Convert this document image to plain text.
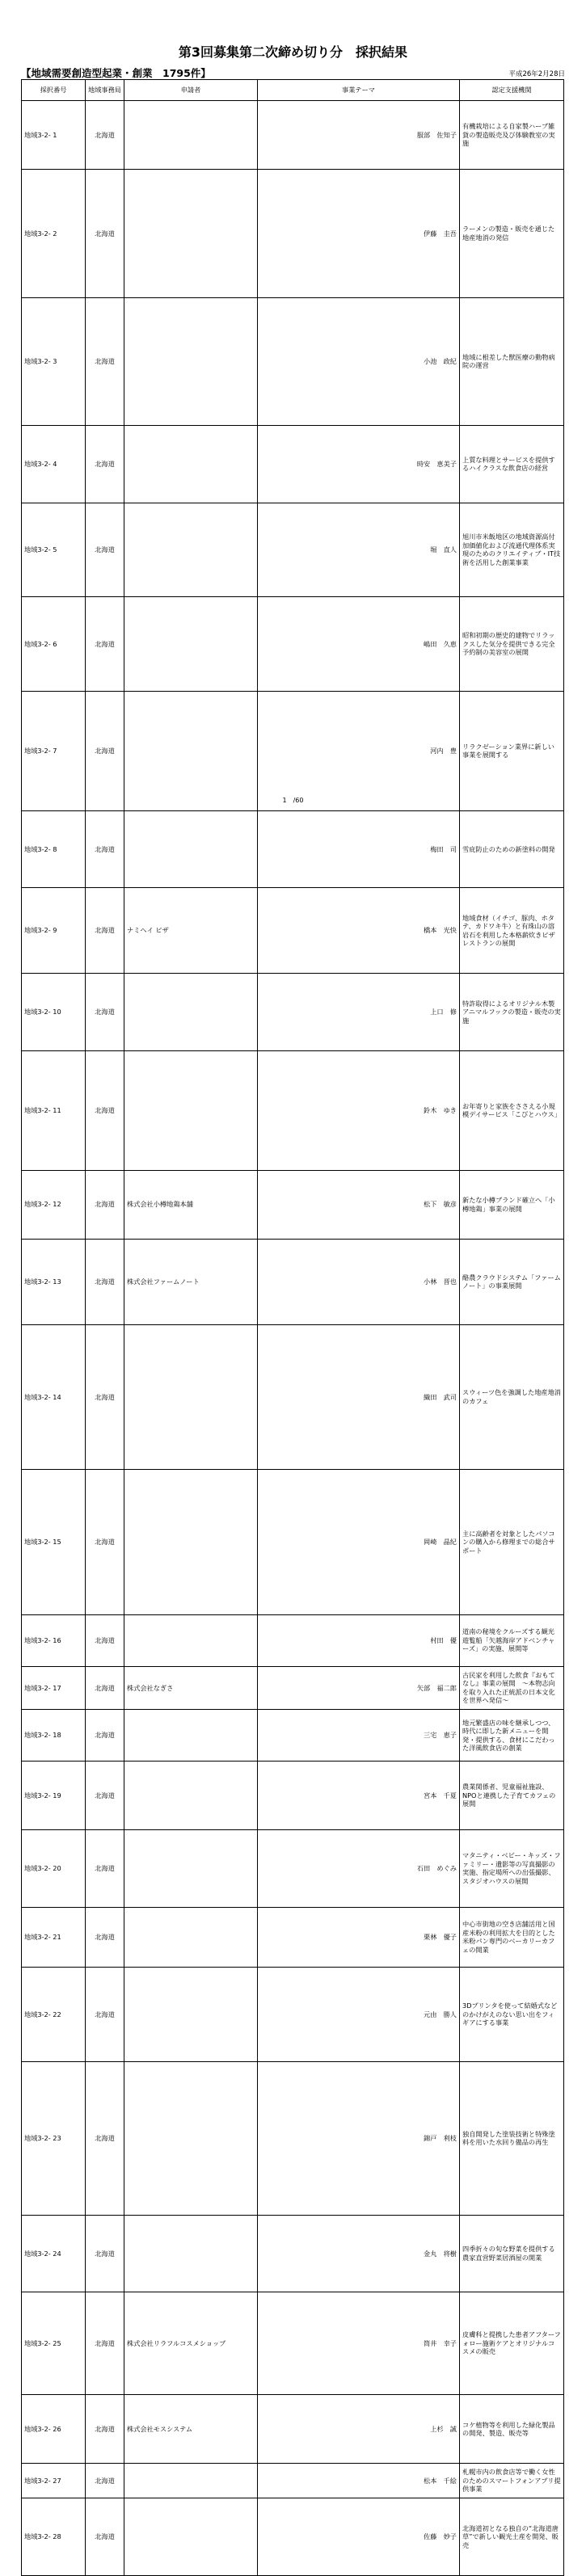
第3回募集第二次締め切り分　採択結果
【地域需要創造型起業・創業　1795件】	平成26年2月28日
採択番号	地域事務局	申請者	事業テーマ	認定支援機関	
地域3-2- 1	北海道		服部　佐知子	有機栽培による自家製ハーブ雑貨の製造販売及び体験教室の実施	
地域3-2- 2	北海道		伊藤　圭吾	ラーメンの製造・販売を通じた地産地消の発信	
地域3-2- 3	北海道		小池　政紀	地域に根差した獣医療の動物病院の運営	
地域3-2- 4	北海道		時安　恵美子	上質な料理とサービスを提供するハイクラスな飲食店の経営	
地域3-2- 5	北海道		堀　直人	旭川市米飯地区の地域資源高付加価値化および流通代理体系実現のためのクリエイティブ・IT技術を活用した創業事業	
地域3-2- 6	北海道		嶋田　久恵	昭和初期の歴史的建物でリラックスした気分を提供できる完全予約制の美容室の展開	
地域3-2- 7	北海道		河内　豊	リラクゼーション業界に新しい事業を展開する	
地域3-2- 8	北海道		梅田　司	雪庇防止のための新塗料の開発	
地域3-2- 9	北海道	ナミヘイ ピザ	橋本　光快	地域食材（イチゴ、豚肉、ホタテ、カドワキ牛）と有珠山の溶岩石を利用した本格薪炊きピザレストランの展開	
地域3-2- 10	北海道		上口　修	特許取得によるオリジナル木製アニマルフックの製造・販売の実施	
地域3-2- 11	北海道		鈴木　ゆき	お年寄りと家族をささえる小規模デイサービス「こびとハウス」	
地域3-2- 12	北海道	株式会社小樽地鶏本舗	松下　敏彦	新たな小樽ブランド確立へ「小樽地鶏」事業の展開	
地域3-2- 13	北海道	株式会社ファームノート	小林　晋也	酪農クラウドシステム「ファームノート」の事業展開	
地域3-2- 14	北海道		織田　武司	スウィーツ色を強調した地産地消のカフェ	
地域3-2- 15	北海道		岡崎　晶紀	主に高齢者を対象としたパソコンの購入から修理までの総合サポート	
地域3-2- 16	北海道		村田　優	道南の秘境をクルーズする観光遊覧船「矢越海岸アドベンチャーズ」の実施、展開等	
地域3-2- 17	北海道	株式会社なぎさ	矢部　福二郎	古民家を利用した飲食『おもてなし』事業の展開　～本物志向を取り入れた正統派の日本文化を世界へ発信～	
地域3-2- 18	北海道		三宅　恵子	地元繁盛店の味を継承しつつ、時代に即した新メニューを開発・提供する、食材にこだわった洋風飲食店の創業	
地域3-2- 19	北海道		宮本　千夏	農業関係者、児童福祉施設、NPOと連携した子育てカフェの展開	
地域3-2- 20	北海道		石田　めぐみ	マタニティ・ベビー・キッズ・ファミリー・遺影等の写真撮影の実施、指定場所への出張撮影、スタジオハウスの展開	
地域3-2- 21	北海道		栗林　優子	中心市街地の空き店舗活用と国産米粉の利用拡大を目的とした米粉パン専門のベーカリーカフェの開業	
地域3-2- 22	北海道		元由　勝人	3Dプリンタを使って結婚式などのかけがえのない思い出をフィギアにする事業	
地域3-2- 23	北海道		錦戸　利枝	独自開発した塗装技術と特殊塗料を用いた水回り備品の再生	
地域3-2- 24	北海道		金丸　将樹	四季折々の旬な野菜を提供する農家直営野菜居酒屋の開業	
地域3-2- 25	北海道	株式会社リラフルコスメショップ	筒井　幸子	皮膚科と提携した患者アフターフォロー施術ケアとオリジナルコスメの販売	
地域3-2- 26	北海道	株式会社モスシステム	上杉　誠	コケ植物等を利用した緑化製品の開発、製造、販売等	
地域3-2- 27	北海道		松本　千絵	札幌市内の飲食店等で働く女性のためのスマートフォンアプリ提供事業	
地域3-2- 28	北海道		佐藤　妙子	北海道初となる独自の“北海道唐草”で新しい観光土産を開発、販売	
1　/60
